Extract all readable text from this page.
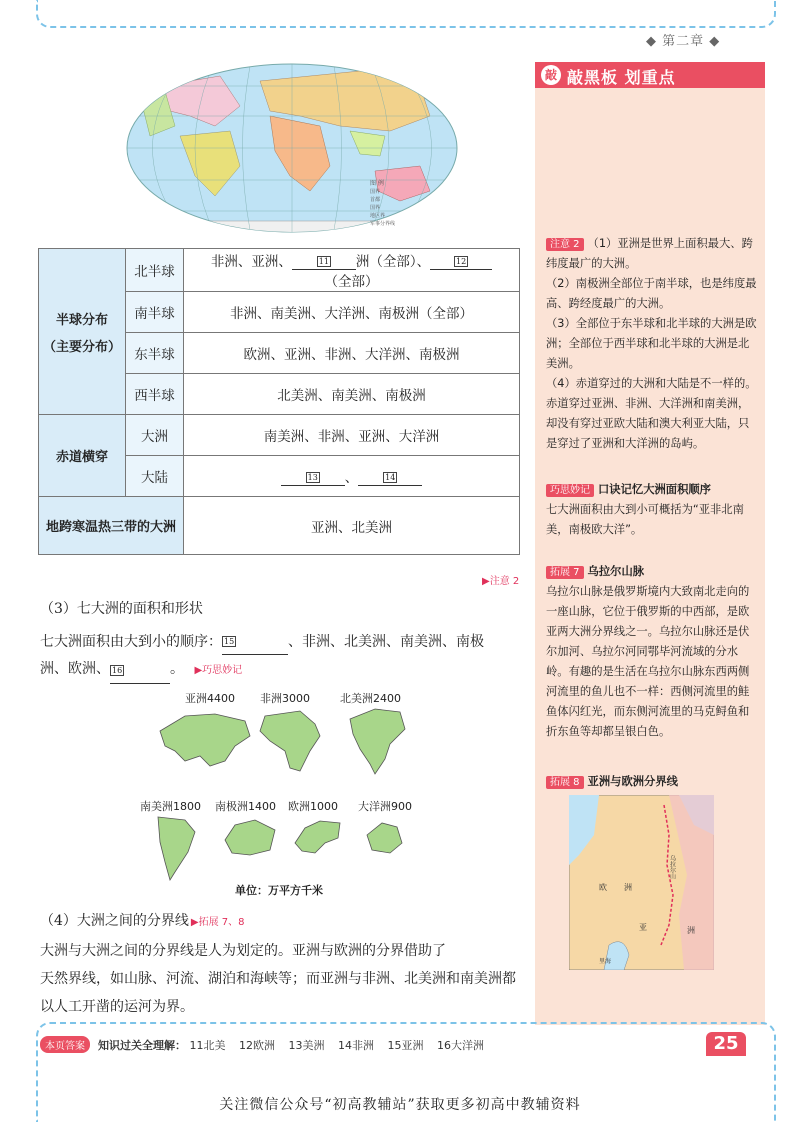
◆ 第二章 ◆
图 例
国界
首都
国界
地区界
军事分界线
半球分布
（主要分布）	北半球	非洲、亚洲、 11 洲（全部）、 12（全部）
	南半球	非洲、南美洲、大洋洲、南极洲（全部）
	东半球	欧洲、亚洲、非洲、大洋洲、南极洲
	西半球	北美洲、南美洲、南极洲
赤道横穿	大洲	南美洲、非洲、亚洲、大洋洲
	大陆	13 、 14
地跨寒温热三带的大洲		亚洲、北美洲
▶注意 2
（3）七大洲的面积和形状
七大洲面积由大到小的顺序： 15	、非洲、北美洲、南美洲、南极
洲、欧洲、 16	。 ▶巧思妙记
亚洲4400 非洲3000	北美洲2400
南美洲1800 南极洲1400 欧洲1000 大洋洲900
单位：万平方千米
（4）大洲之间的分界线 ▶拓展 7、8
大洲与大洲之间的分界线是人为划定的。亚洲与欧洲的分界借助了
天然界线，如山脉、河流、湖泊和海峡等；而亚洲与非洲、北美洲和南美洲都
以人工开凿的运河为界。
敲 敲黑板 划重点
注意 2 （1）亚洲是世界上面积最大、跨纬度最广的大洲。
（2）南极洲全部位于南半球，也是纬度最高、跨经度最广的大洲。
（3）全部位于东半球和北半球的大洲是欧洲；全部位于西半球和北半球的大洲是北美洲。
（4）赤道穿过的大洲和大陆是不一样的。赤道穿过亚洲、非洲、大洋洲和南美洲，却没有穿过亚欧大陆和澳大利亚大陆，只是穿过了亚洲和大洋洲的岛屿。
巧思妙记 口诀记忆大洲面积顺序
七大洲面积由大到小可概括为“亚非北南美，南极欧大洋”。
拓展 7 乌拉尔山脉
乌拉尔山脉是俄罗斯境内大致南北走向的一座山脉，它位于俄罗斯的中西部，是欧亚两大洲分界线之一。乌拉尔山脉还是伏尔加河、乌拉尔河同鄂毕河流域的分水岭。有趣的是生活在乌拉尔山脉东西两侧河流里的鱼儿也不一样：西侧河流里的鲑鱼体闪红光，而东侧河流里的马克鲟鱼和折东鱼等却都呈银白色。
拓展 8 亚洲与欧洲分界线
欧 洲
亚	洲
乌拉尔山
里海
本页答案 知识过关全理解： 11北美 12欧洲 13美洲 14非洲 15亚洲 16大洋洲	25
关注微信公众号“初高教辅站”获取更多初高中教辅资料
